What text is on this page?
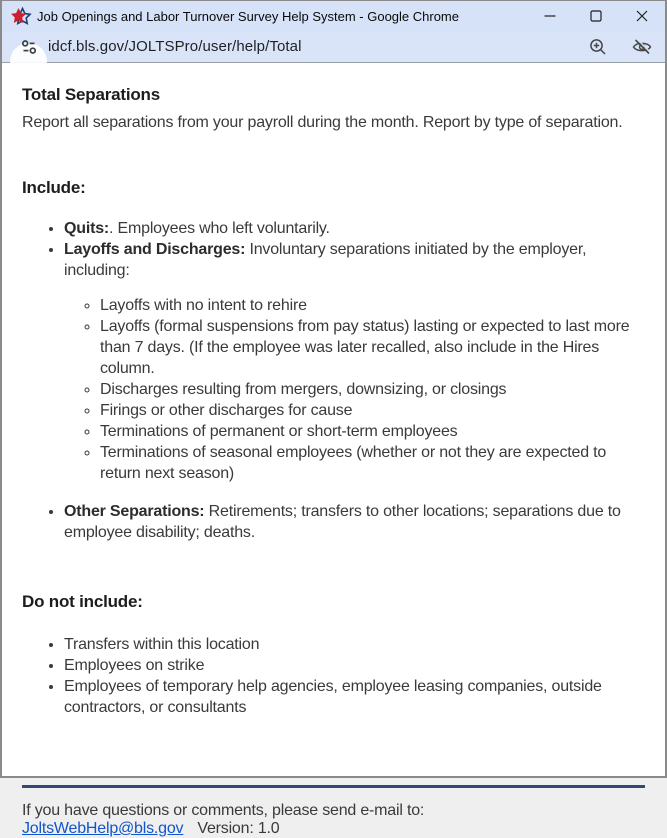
Job Openings and Labor Turnover Survey Help System - Google Chrome
idcf.bls.gov/JOLTSPro/user/help/Total
Total Separations

Report all separations from your payroll during the month. Report by type of separation.

Include:
• Quits:. Employees who left voluntarily.
• Layoffs and Discharges: Involuntary separations initiated by the employer, including:
◦ Layoffs with no intent to rehire
◦ Layoffs (formal suspensions from pay status) lasting or expected to last more than 7 days. (If the employee was later recalled, also include in the Hires column.
◦ Discharges resulting from mergers, downsizing, or closings
◦ Firings or other discharges for cause
◦ Terminations of permanent or short-term employees
◦ Terminations of seasonal employees (whether or not they are expected to return next season)
• Other Separations: Retirements; transfers to other locations; separations due to employee disability; deaths.
Do not include:
• Transfers within this location
• Employees on strike
• Employees of temporary help agencies, employee leasing companies, outside contractors, or consultants

If you have questions or comments, please send e-mail to: JoltsWebHelp@bls.gov Version: 1.0
